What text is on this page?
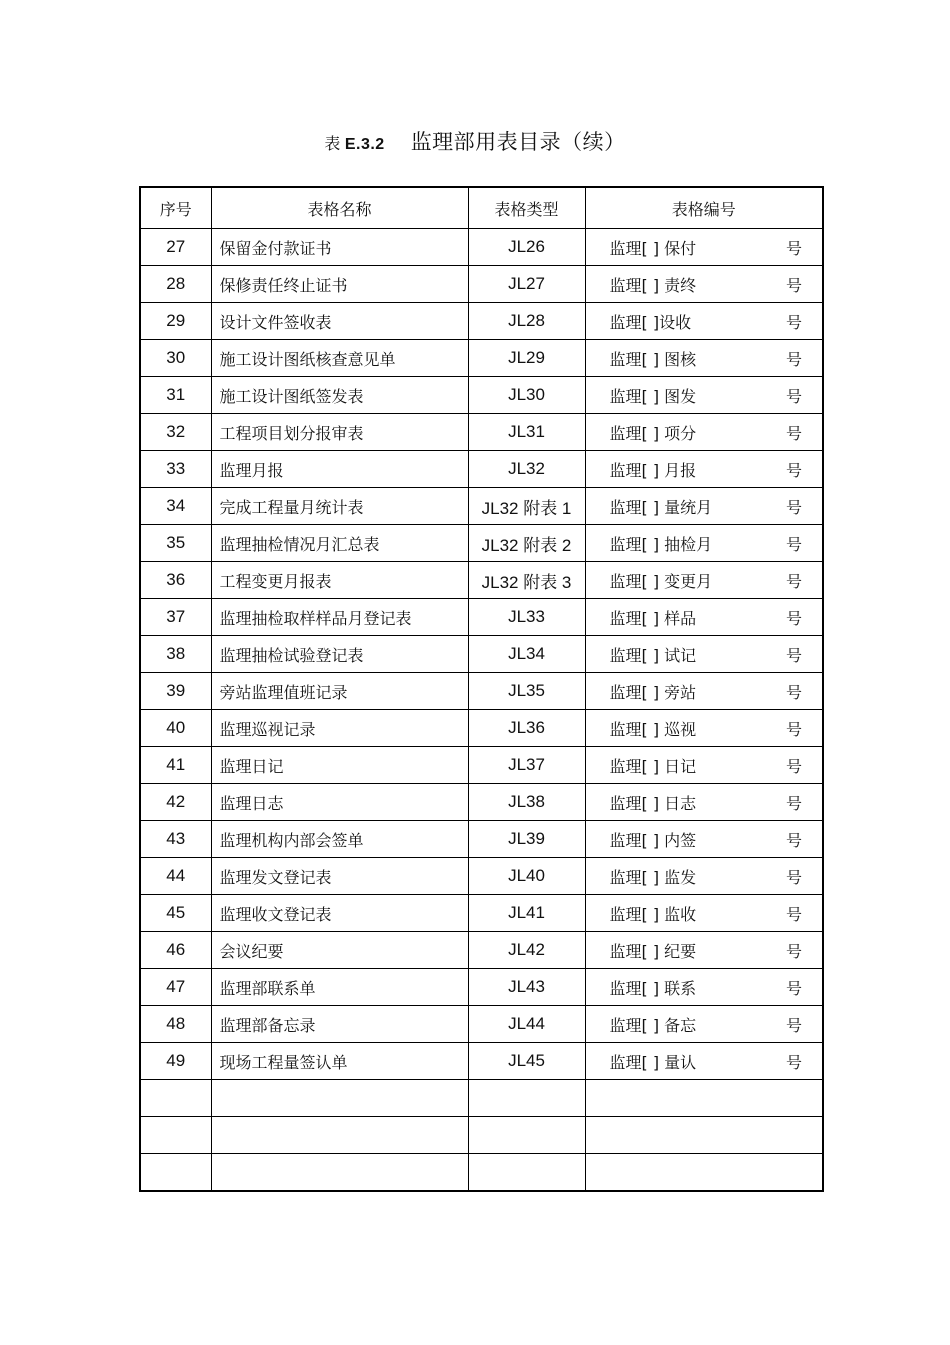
表 E.3.2 监理部用表目录（续）
序号	表格名称	表格类型	表格编号
27	保留金付款证书	JL26	监理[ ] 保付 号

28	保修责任终止证书	JL27	监理[ ] 责终 号

29	设计文件签收表	JL28	监理[ ]设收 号

30	施工设计图纸核查意见单	JL29	监理[ ] 图核 号

31	施工设计图纸签发表	JL30	监理[ ] 图发 号

32	工程项目划分报审表	JL31	监理[ ] 项分 号

33	监理月报	JL32	监理[ ] 月报 号

34	完成工程量月统计表	JL32 附表 1	监理[ ] 量统月 号

35	监理抽检情况月汇总表	JL32 附表 2	监理[ ] 抽检月 号

36	工程变更月报表	JL32 附表 3	监理[ ] 变更月 号

37	监理抽检取样样品月登记表	JL33	监理[ ] 样品 号

38	监理抽检试验登记表	JL34	监理[ ] 试记 号

39	旁站监理值班记录	JL35	监理[ ] 旁站 号

40	监理巡视记录	JL36	监理[ ] 巡视 号

41	监理日记	JL37	监理[ ] 日记 号

42	监理日志	JL38	监理[ ] 日志 号

43	监理机构内部会签单	JL39	监理[ ] 内签 号

44	监理发文登记表	JL40	监理[ ] 监发 号

45	监理收文登记表	JL41	监理[ ] 监收 号

46	会议纪要	JL42	监理[ ] 纪要 号

47	监理部联系单	JL43	监理[ ] 联系 号

48	监理部备忘录	JL44	监理[ ] 备忘 号

49	现场工程量签认单	JL45	监理[ ] 量认 号
